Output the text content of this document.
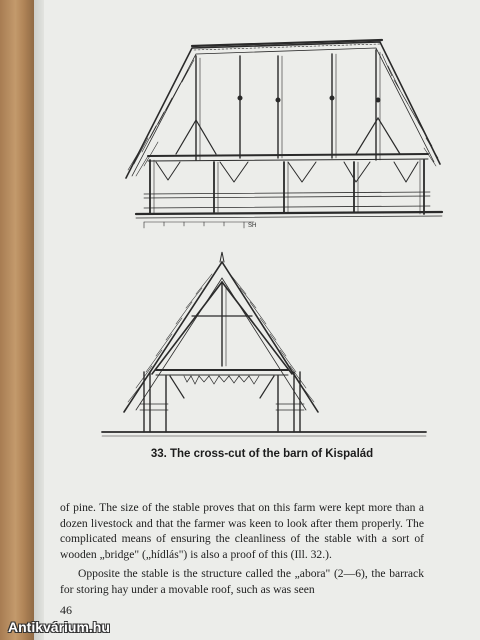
SH

33. The cross-cut of the barn of Kispalád

of pine. The size of the stable proves that on this farm were kept more than a dozen livestock and that the farmer was keen to look after them properly. The complicated means of ensuring the cleanliness of the stable with a sort of wooden „bridge" („hídlás") is also a proof of this (Ill. 32.).

Opposite the stable is the structure called the „abora" (2—6), the barrack for storing hay under a movable roof, such as was seen

46
Antikvárium.hu
